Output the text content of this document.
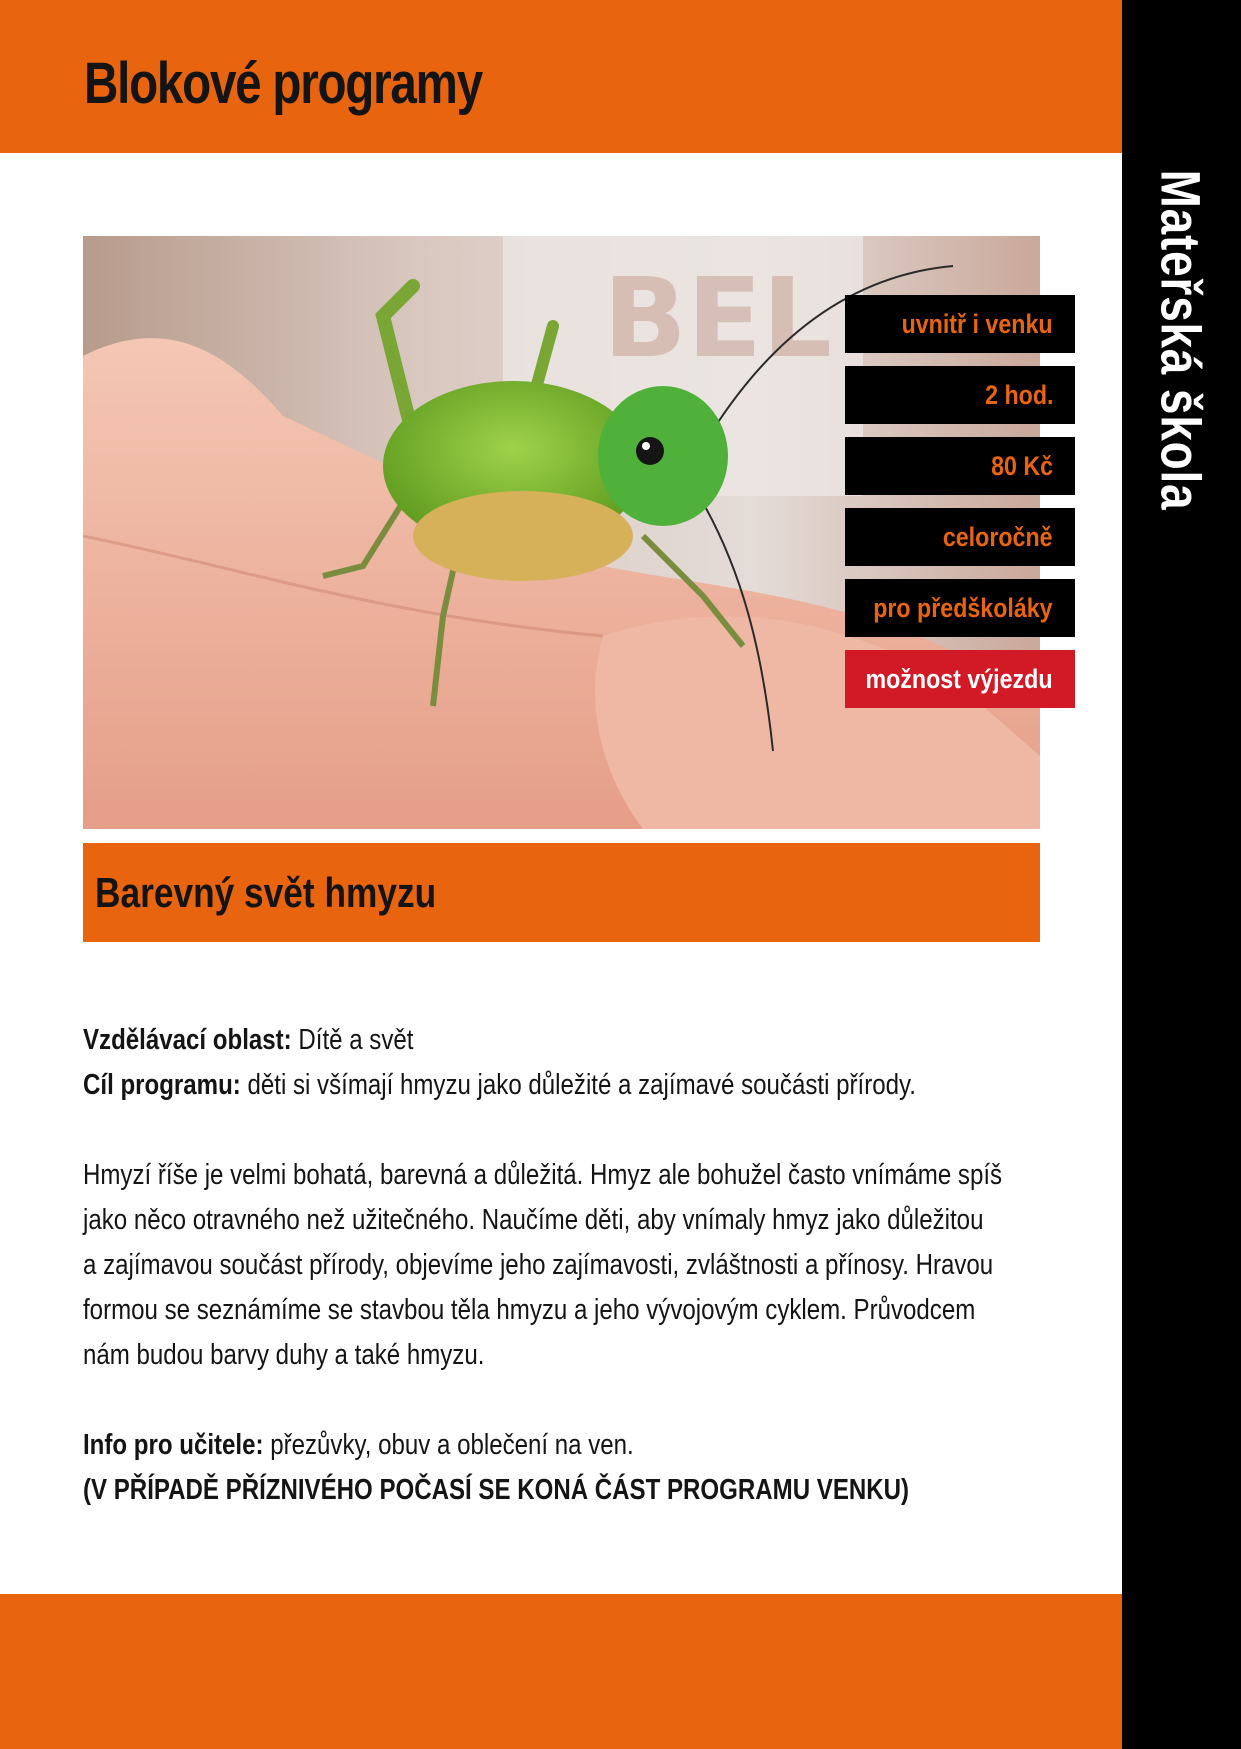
Blokové programy
Mateřská škola
BEL	uvnitř i venku
2 hod.
80 Kč
celoročně
pro předškoláky
možnost výjezdu
Barevný svět hmyzu
Vzdělávací oblast: Dítě a svět
Cíl programu: děti si všímají hmyzu jako důležité a zajímavé součásti přírody.
Hmyzí říše je velmi bohatá, barevná a důležitá. Hmyz ale bohužel často vnímáme spíš
jako něco otravného než užitečného. Naučíme děti, aby vnímaly hmyz jako důležitou
a zajímavou součást přírody, objevíme jeho zajímavosti, zvláštnosti a přínosy. Hravou
formou se seznámíme se stavbou těla hmyzu a jeho vývojovým cyklem. Průvodcem
nám budou barvy duhy a také hmyzu.
Info pro učitele: přezůvky, obuv a oblečení na ven.
(V PŘÍPADĚ PŘÍZNIVÉHO POČASÍ SE KONÁ ČÁST PROGRAMU VENKU)
